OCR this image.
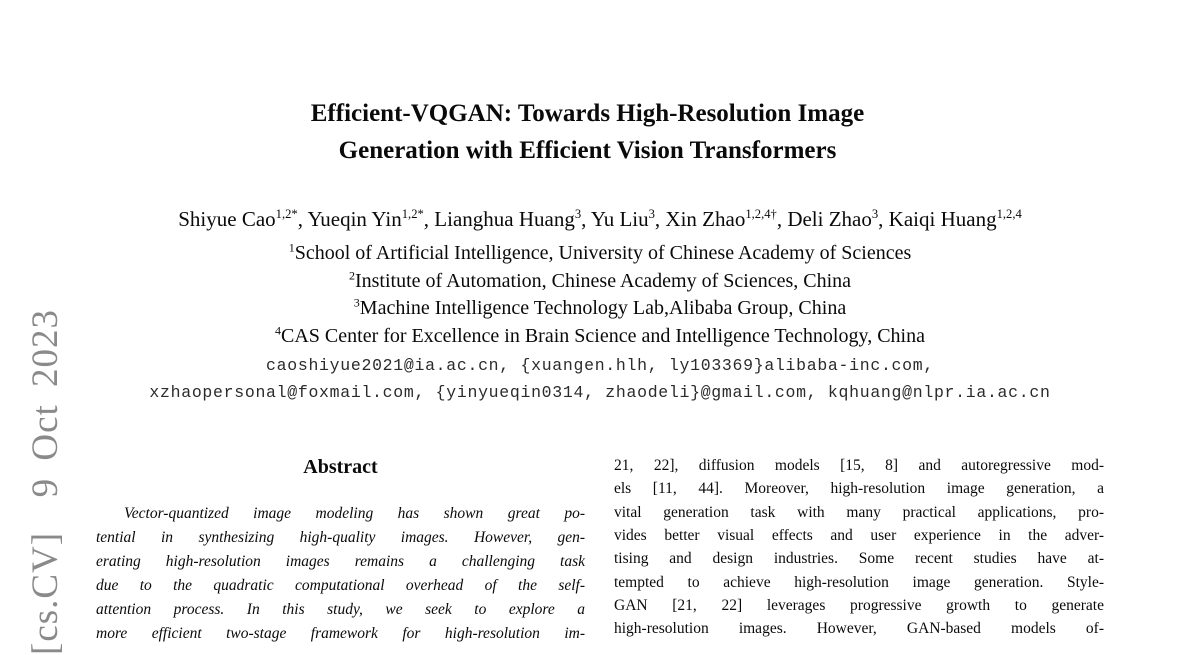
[cs.CV]  9 Oct 2023
Efficient-VQGAN: Towards High-Resolution Image
Generation with Efficient Vision Transformers
Shiyue Cao$^{1,2*}$, Yueqin Yin$^{1,2*}$, Lianghua Huang$^3$, Yu Liu$^3$, Xin Zhao$^{1,2,4\dagger}$, Deli Zhao$^3$, Kaiqi Huang$^{1,2,4}$
$^1$School of Artificial Intelligence, University of Chinese Academy of Sciences
$^2$Institute of Automation, Chinese Academy of Sciences, China
$^3$Machine Intelligence Technology Lab,Alibaba Group, China
$^4$CAS Center for Excellence in Brain Science and Intelligence Technology, China
caoshiyue2021@ia.ac.cn, {xuangen.hlh, ly103369}alibaba-inc.com,
xzhaopersonal@foxmail.com, {yinyueqin0314, zhaodeli}@gmail.com, kqhuang@nlpr.ia.ac.cn
Abstract
Vector-quantized image modeling has shown great po-
tential in synthesizing high-quality images. However, gen-
erating high-resolution images remains a challenging task
due to the quadratic computational overhead of the self-
attention process. In this study, we seek to explore a
more efficient two-stage framework for high-resolution im-
21, 22], diffusion models [15, 8] and autoregressive mod-
els [11, 44]. Moreover, high-resolution image generation, a
vital generation task with many practical applications, pro-
vides better visual effects and user experience in the adver-
tising and design industries. Some recent studies have at-
tempted to achieve high-resolution image generation. Style-
GAN [21, 22] leverages progressive growth to generate
high-resolution images. However, GAN-based models of-
